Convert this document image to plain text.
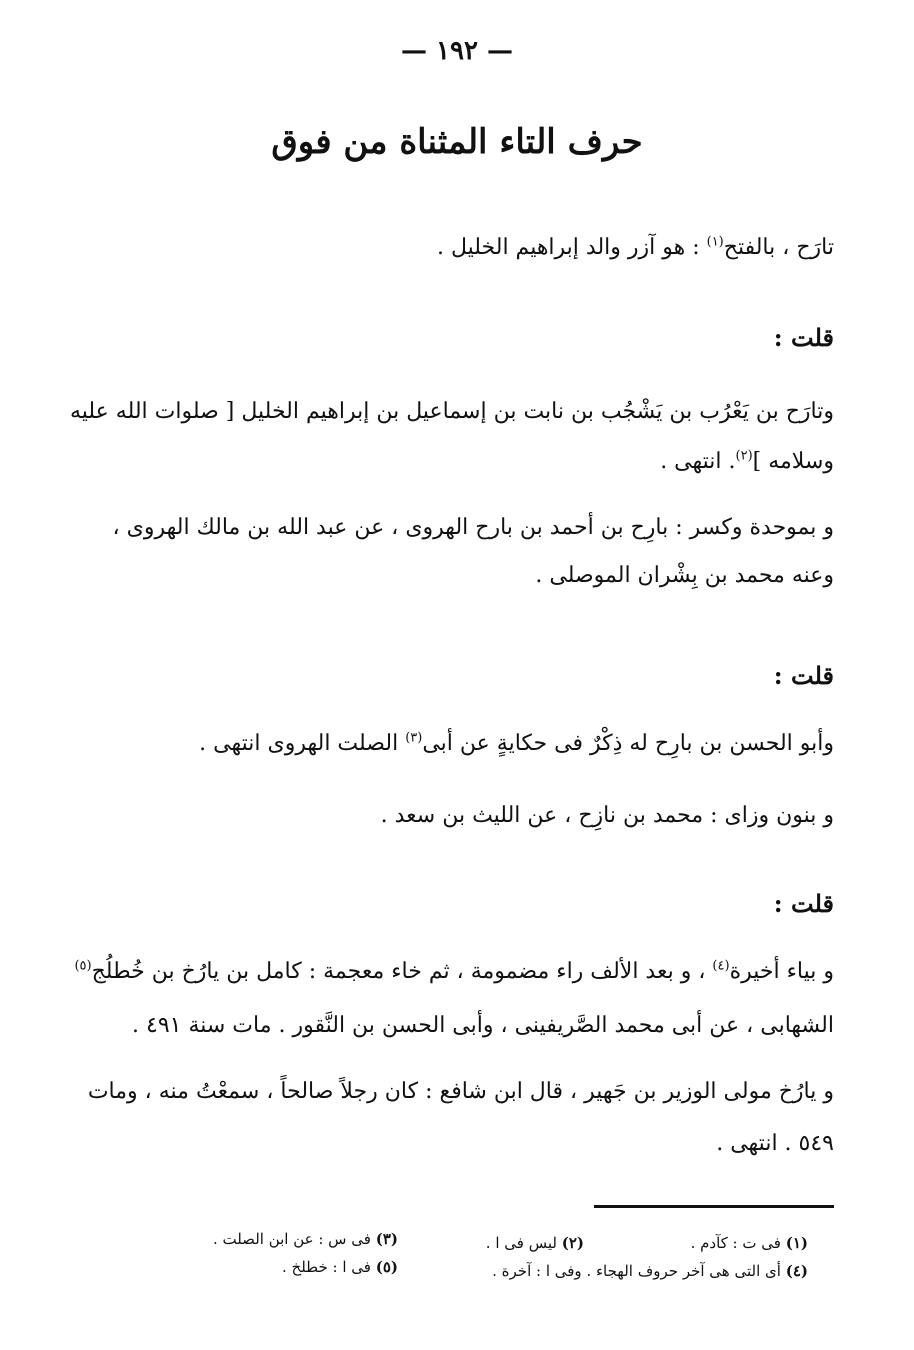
— ١٩٢ —
حرف التاء المثناة من فوق
تارَح ، بالفتح$^{(١)}$ : هو آزر والد إبراهيم الخليل .
قلت :
وتارَح بن يَعْرُب بن يَشْجُب بن نابت بن إسماعيل بن إبراهيم الخليل [ صلوات الله عليه
وسلامه ]$^{(٢)}$. انتهى .
و بموحدة وكسر : بارِح بن أحمد بن بارح الهروى ، عن عبد الله بن مالك الهروى ،
وعنه محمد بن بِشْران الموصلى .
قلت :
وأبو الحسن بن بارِح له ذِكْرٌ فى حكايةٍ عن أبى$^{(٣)}$ الصلت الهروى انتهى .
و بنون وزاى : محمد بن نازِح ، عن الليث بن سعد .
قلت :
و بياء أخيرة$^{(٤)}$ ، و بعد الألف راء مضمومة ، ثم خاء معجمة : كامل بن يارُخ بن خُطلُج$^{(٥)}$
الشهابى ، عن أبى محمد الصَّريفينى ، وأبى الحسن بن النَّقور . مات سنة ٤٩١ .
و يارُخ مولى الوزير بن جَهير ، قال ابن شافع : كان رجلاً صالحاً ، سمعْتُ منه ، ومات
٥٤٩ . انتهى .
(١) فى ت : كآدم .
(٢) ليس فى ا .
(٣) فى س : عن ابن الصلت .
(٤) أى التى هى آخر حروف الهجاء . وفى ا : آخرة .
(٥) فى ا : خطلخ .
